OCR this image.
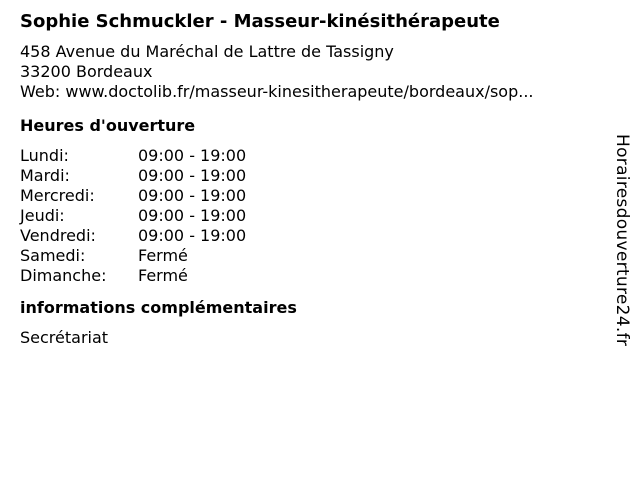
Sophie Schmuckler - Masseur-kinésithérapeute
458 Avenue du Maréchal de Lattre de Tassigny
33200 Bordeaux
Web: www.doctolib.fr/masseur-kinesitherapeute/bordeaux/sop...
Heures d'ouverture
Lundi:	09:00 - 19:00
Mardi:	09:00 - 19:00
Mercredi:	09:00 - 19:00
Jeudi:	09:00 - 19:00
Vendredi:	09:00 - 19:00
Samedi:	Fermé
Dimanche:	Fermé
informations complémentaires
Secrétariat	Horairesdouverture24.fr
